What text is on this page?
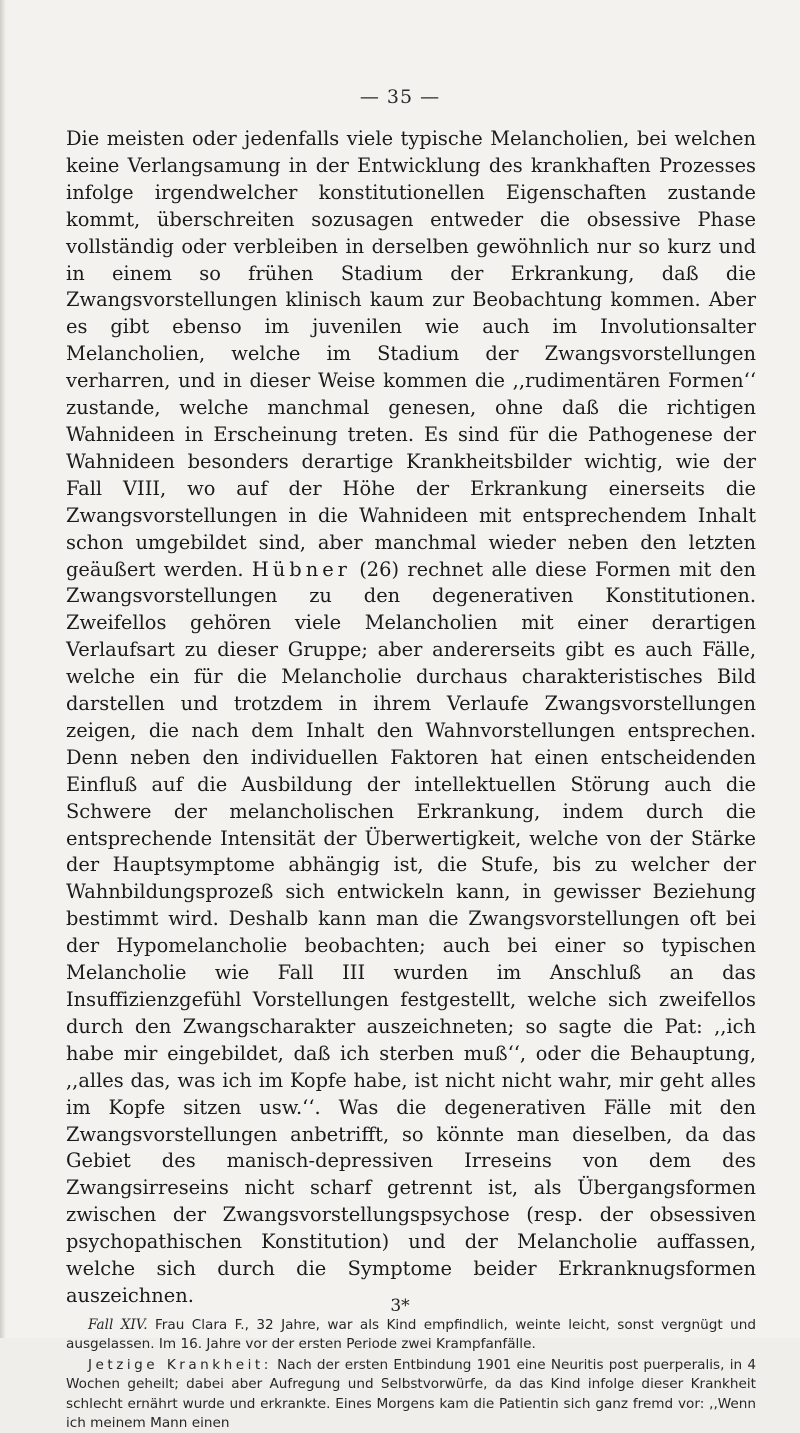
— 35 —

Die meisten oder jedenfalls viele typische Melancholien, bei welchen keine Verlangsamung in der Entwicklung des krankhaften Prozesses infolge irgendwelcher konstitutionellen Eigenschaften zustande kommt, überschreiten sozusagen entweder die obsessive Phase vollständig oder verbleiben in derselben gewöhnlich nur so kurz und in einem so frühen Stadium der Erkrankung, daß die Zwangsvorstellungen klinisch kaum zur Beobachtung kommen. Aber es gibt ebenso im juvenilen wie auch im Involutionsalter Melancholien, welche im Stadium der Zwangsvorstellungen verharren, und in dieser Weise kommen die ,,rudimentären Formen‘‘ zustande, welche manchmal genesen, ohne daß die richtigen Wahnideen in Erscheinung treten. Es sind für die Pathogenese der Wahnideen besonders derartige Krankheitsbilder wichtig, wie der Fall VIII, wo auf der Höhe der Erkrankung einerseits die Zwangsvorstellungen in die Wahnideen mit entsprechendem Inhalt schon umgebildet sind, aber manchmal wieder neben den letzten geäußert werden. Hübner (26) rechnet alle diese Formen mit den Zwangsvorstellungen zu den degenerativen Konstitutionen. Zweifellos gehören viele Melancholien mit einer derartigen Verlaufsart zu dieser Gruppe; aber andererseits gibt es auch Fälle, welche ein für die Melancholie durchaus charakteristisches Bild darstellen und trotzdem in ihrem Verlaufe Zwangsvorstellungen zeigen, die nach dem Inhalt den Wahnvorstellungen entsprechen. Denn neben den individuellen Faktoren hat einen entscheidenden Einfluß auf die Ausbildung der intellektuellen Störung auch die Schwere der melancholischen Erkrankung, indem durch die entsprechende Intensität der Überwertigkeit, welche von der Stärke der Hauptsymptome abhängig ist, die Stufe, bis zu welcher der Wahnbildungsprozeß sich entwickeln kann, in gewisser Beziehung bestimmt wird. Deshalb kann man die Zwangsvorstellungen oft bei der Hypomelancholie beobachten; auch bei einer so typischen Melancholie wie Fall III wurden im Anschluß an das Insuffizienzgefühl Vorstellungen festgestellt, welche sich zweifellos durch den Zwangscharakter auszeichneten; so sagte die Pat: ,,ich habe mir eingebildet, daß ich sterben muß‘‘, oder die Behauptung, ,,alles das, was ich im Kopfe habe, ist nicht nicht wahr, mir geht alles im Kopfe sitzen usw.‘‘. Was die degenerativen Fälle mit den Zwangsvorstellungen anbetrifft, so könnte man dieselben, da das Gebiet des manisch-depressiven Irreseins von dem des Zwangsirreseins nicht scharf getrennt ist, als Übergangsformen zwischen der Zwangsvorstellungspsychose (resp. der obsessiven psychopathischen Konstitution) und der Melancholie auffassen, welche sich durch die Symptome beider Erkranknugsformen auszeichnen.

Fall XIV. Frau Clara F., 32 Jahre, war als Kind empfindlich, weinte leicht, sonst vergnügt und ausgelassen. Im 16. Jahre vor der ersten Periode zwei Krampfanfälle.

Jetzige Krankheit: Nach der ersten Entbindung 1901 eine Neuritis post puerperalis, in 4 Wochen geheilt; dabei aber Aufregung und Selbstvorwürfe, da das Kind infolge dieser Krankheit schlecht ernährt wurde und erkrankte. Eines Morgens kam die Patientin sich ganz fremd vor: ,,Wenn ich meinem Mann einen

3*
